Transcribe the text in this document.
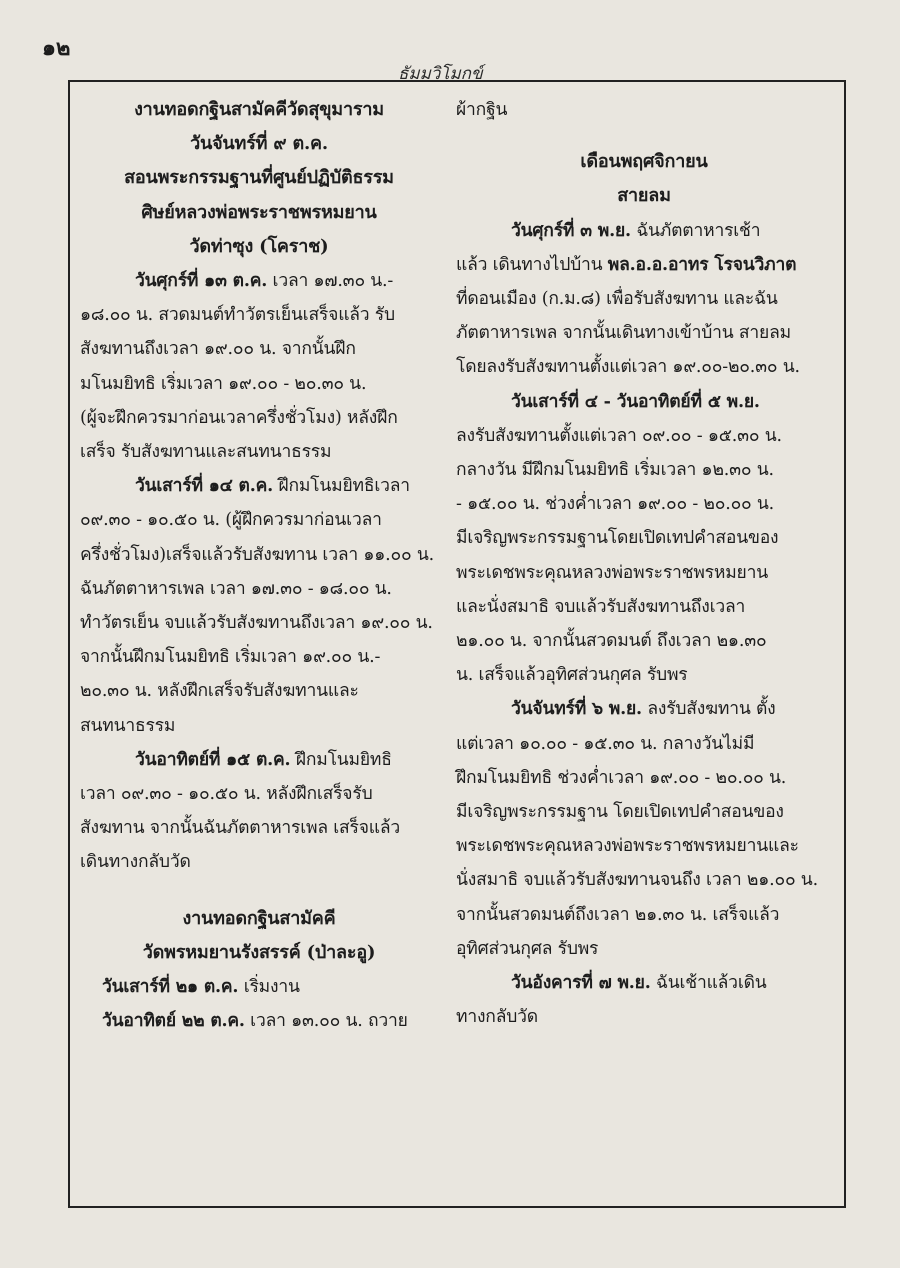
๑๒
ธัมมวิโมกข์

งานทอดกฐินสามัคคีวัดสุขุมาราม

วันจันทร์ที่ ๙ ต.ค.

สอนพระกรรมฐานที่ศูนย์ปฏิบัติธรรม

ศิษย์หลวงพ่อพระราชพรหมยาน

วัดท่าซุง (โคราช)

วันศุกร์ที่ ๑๓ ต.ค. เวลา ๑๗.๓๐ น.-

๑๘.๐๐ น. สวดมนต์ทำวัตรเย็นเสร็จแล้ว รับ

สังฆทานถึงเวลา ๑๙.๐๐ น. จากนั้นฝึก

มโนมยิทธิ เริ่มเวลา ๑๙.๐๐ - ๒๐.๓๐ น.

(ผู้จะฝึกควรมาก่อนเวลาครึ่งชั่วโมง) หลังฝึก

เสร็จ รับสังฆทานและสนทนาธรรม

วันเสาร์ที่ ๑๔ ต.ค. ฝึกมโนมยิทธิเวลา

๐๙.๓๐ - ๑๐.๕๐ น. (ผู้ฝึกควรมาก่อนเวลา

ครึ่งชั่วโมง)เสร็จแล้วรับสังฆทาน เวลา ๑๑.๐๐ น.

ฉันภัตตาหารเพล เวลา ๑๗.๓๐ - ๑๘.๐๐ น.

ทำวัตรเย็น จบแล้วรับสังฆทานถึงเวลา ๑๙.๐๐ น.

จากนั้นฝึกมโนมยิทธิ เริ่มเวลา ๑๙.๐๐ น.-

๒๐.๓๐ น. หลังฝึกเสร็จรับสังฆทานและ

สนทนาธรรม

วันอาทิตย์ที่ ๑๕ ต.ค. ฝึกมโนมยิทธิ

เวลา ๐๙.๓๐ - ๑๐.๕๐ น. หลังฝึกเสร็จรับ

สังฆทาน จากนั้นฉันภัตตาหารเพล เสร็จแล้ว

เดินทางกลับวัด

งานทอดกฐินสามัคคี

วัดพรหมยานรังสรรค์ (ป่าละอู)

วันเสาร์ที่ ๒๑ ต.ค. เริ่มงาน

วันอาทิตย์ ๒๒ ต.ค. เวลา ๑๓.๐๐ น. ถวาย

ผ้ากฐิน

เดือนพฤศจิกายน

สายลม

วันศุกร์ที่ ๓ พ.ย. ฉันภัตตาหารเช้า

แล้ว เดินทางไปบ้าน พล.อ.อ.อาทร โรจนวิภาต

ที่ดอนเมือง (ก.ม.๘) เพื่อรับสังฆทาน และฉัน

ภัตตาหารเพล จากนั้นเดินทางเข้าบ้าน สายลม

โดยลงรับสังฆทานตั้งแต่เวลา ๑๙.๐๐-๒๐.๓๐ น.

วันเสาร์ที่ ๔ - วันอาทิตย์ที่ ๕ พ.ย.

ลงรับสังฆทานตั้งแต่เวลา ๐๙.๐๐ - ๑๕.๓๐ น.

กลางวัน มีฝึกมโนมยิทธิ เริ่มเวลา ๑๒.๓๐ น.

- ๑๕.๐๐ น. ช่วงค่ำเวลา ๑๙.๐๐ - ๒๐.๐๐ น.

มีเจริญพระกรรมฐานโดยเปิดเทปคำสอนของ

พระเดชพระคุณหลวงพ่อพระราชพรหมยาน

และนั่งสมาธิ จบแล้วรับสังฆทานถึงเวลา

๒๑.๐๐ น. จากนั้นสวดมนต์ ถึงเวลา ๒๑.๓๐

น. เสร็จแล้วอุทิศส่วนกุศล รับพร

วันจันทร์ที่ ๖ พ.ย. ลงรับสังฆทาน ตั้ง

แต่เวลา ๑๐.๐๐ - ๑๕.๓๐ น. กลางวันไม่มี

ฝึกมโนมยิทธิ ช่วงค่ำเวลา ๑๙.๐๐ - ๒๐.๐๐ น.

มีเจริญพระกรรมฐาน โดยเปิดเทปคำสอนของ

พระเดชพระคุณหลวงพ่อพระราชพรหมยานและ

นั่งสมาธิ จบแล้วรับสังฆทานจนถึง เวลา ๒๑.๐๐ น.

จากนั้นสวดมนต์ถึงเวลา ๒๑.๓๐ น. เสร็จแล้ว

อุทิศส่วนกุศล รับพร

วันอังคารที่ ๗ พ.ย. ฉันเช้าแล้วเดิน

ทางกลับวัด
